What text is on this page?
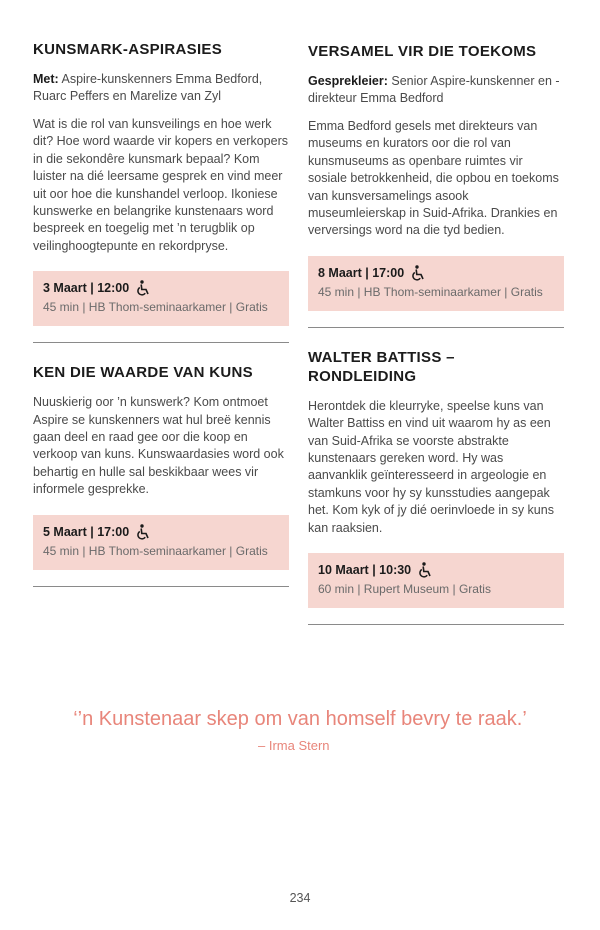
KUNSMARK-ASPIRASIES
Met: Aspire-kunskenners Emma Bedford, Ruarc Peffers en Marelize van Zyl
Wat is die rol van kunsveilings en hoe werk dit? Hoe word waarde vir kopers en verkopers in die sekondêre kunsmark bepaal? Kom luister na dié leersame gesprek en vind meer uit oor hoe die kunshandel verloop. Ikoniese kunswerke en belangrike kunstenaars word bespreek en toegelig met ’n terugblik op veilinghoogtepunte en rekordpryse.
3 Maart | 12:00
45 min | HB Thom-seminaarkamer | Gratis
KEN DIE WAARDE VAN KUNS
Nuuskierig oor ’n kunswerk? Kom ontmoet Aspire se kunskenners wat hul breë kennis gaan deel en raad gee oor die koop en verkoop van kuns. Kunswaardasies word ook behartig en hulle sal beskikbaar wees vir informele gesprekke.
5 Maart | 17:00
45 min | HB Thom-seminaarkamer | Gratis
VERSAMEL VIR DIE TOEKOMS
Gesprekleier: Senior Aspire-kunskenner en -direkteur Emma Bedford
Emma Bedford gesels met direkteurs van museums en kurators oor die rol van kunsmuseums as openbare ruimtes vir sosiale betrokkenheid, die opbou en toekoms van kunsversamelings asook museumleierskap in Suid-Afrika. Drankies en verversings word na die tyd bedien.
8 Maart | 17:00
45 min | HB Thom-seminaarkamer | Gratis
WALTER BATTISS – RONDLEIDING
Herontdek die kleurryke, speelse kuns van Walter Battiss en vind uit waarom hy as een van Suid-Afrika se voorste abstrakte kunstenaars gereken word. Hy was aanvanklik geïnteresseerd in argeologie en stamkuns voor hy sy kunsstudies aangepak het. Kom kyk of jy dié oerinvloede in sy kuns kan raaksien.
10 Maart | 10:30
60 min | Rupert Museum | Gratis
‘’n Kunstenaar skep om van homself bevry te raak.’
– Irma Stern
234
